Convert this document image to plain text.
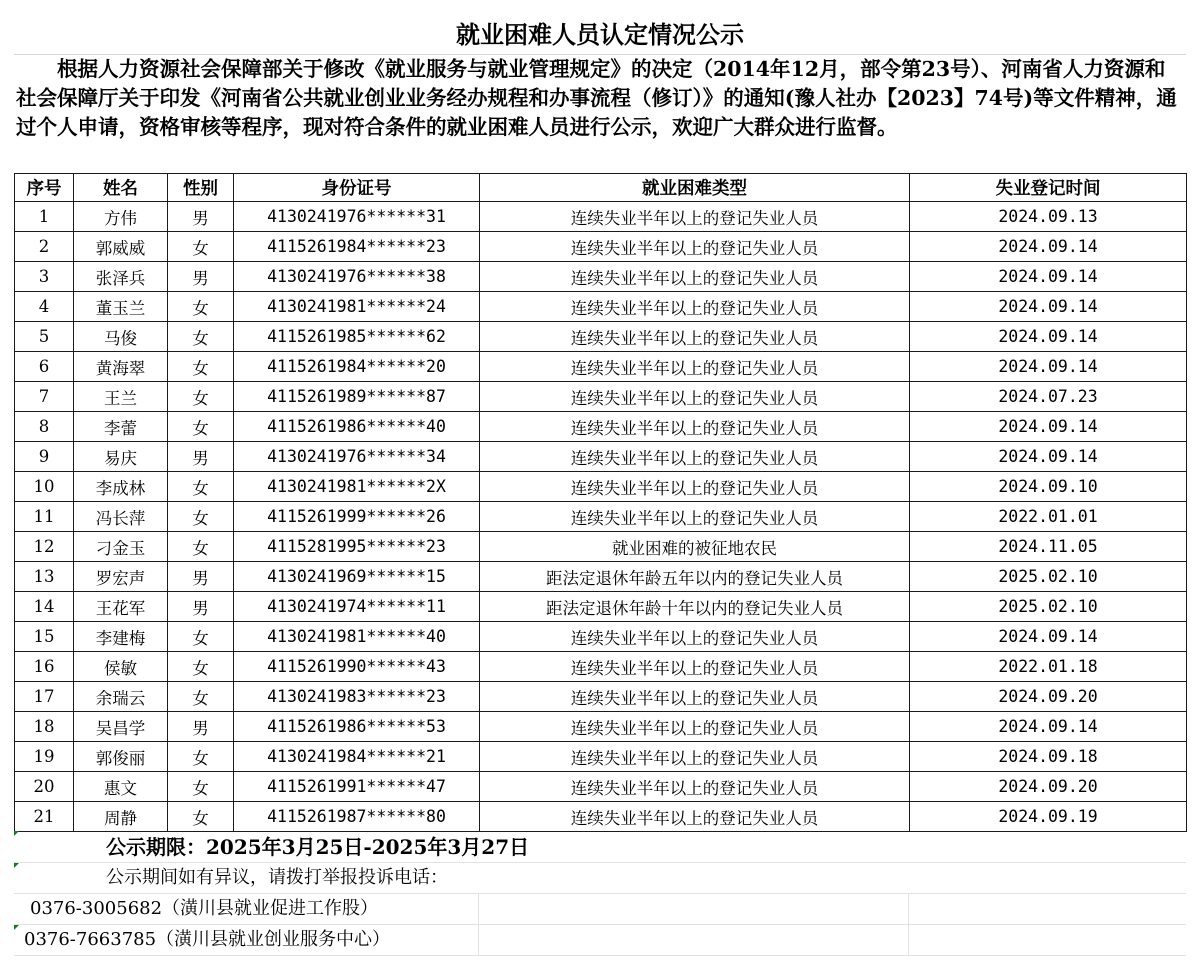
就业困难人员认定情况公示
根据人力资源社会保障部关于修改《就业服务与就业管理规定》的决定（2014年12月，部令第23号）、河南省人力资源和社会保障厅关于印发《河南省公共就业创业业务经办规程和办事流程（修订）》的通知(豫人社办【2023】74号)等文件精神，通过个人申请，资格审核等程序，现对符合条件的就业困难人员进行公示，欢迎广大群众进行监督。
序号	姓名	性别	身份证号	就业困难类型	失业登记时间
1	方伟	男	4130241976******31	连续失业半年以上的登记失业人员	2024.09.13
2	郭威威	女	4115261984******23	连续失业半年以上的登记失业人员	2024.09.14
3	张泽兵	男	4130241976******38	连续失业半年以上的登记失业人员	2024.09.14
4	董玉兰	女	4130241981******24	连续失业半年以上的登记失业人员	2024.09.14
5	马俊	女	4115261985******62	连续失业半年以上的登记失业人员	2024.09.14
6	黄海翠	女	4115261984******20	连续失业半年以上的登记失业人员	2024.09.14
7	王兰	女	4115261989******87	连续失业半年以上的登记失业人员	2024.07.23
8	李蕾	女	4115261986******40	连续失业半年以上的登记失业人员	2024.09.14
9	易庆	男	4130241976******34	连续失业半年以上的登记失业人员	2024.09.14
10	李成林	女	4130241981******2X	连续失业半年以上的登记失业人员	2024.09.10
11	冯长萍	女	4115261999******26	连续失业半年以上的登记失业人员	2022.01.01
12	刁金玉	女	4115281995******23	就业困难的被征地农民	2024.11.05
13	罗宏声	男	4130241969******15	距法定退休年龄五年以内的登记失业人员	2025.02.10
14	王花军	男	4130241974******11	距法定退休年龄十年以内的登记失业人员	2025.02.10
15	李建梅	女	4130241981******40	连续失业半年以上的登记失业人员	2024.09.14
16	侯敏	女	4115261990******43	连续失业半年以上的登记失业人员	2022.01.18
17	余瑞云	女	4130241983******23	连续失业半年以上的登记失业人员	2024.09.20
18	吴昌学	男	4115261986******53	连续失业半年以上的登记失业人员	2024.09.14
19	郭俊丽	女	4130241984******21	连续失业半年以上的登记失业人员	2024.09.18
20	惠文	女	4115261991******47	连续失业半年以上的登记失业人员	2024.09.20
21	周静	女	4115261987******80	连续失业半年以上的登记失业人员	2024.09.19
公示期限：2025年3月25日-2025年3月27日
公示期间如有异议，请拨打举报投诉电话：
0376-3005682（潢川县就业促进工作股）
0376-7663785（潢川县就业创业服务中心）
